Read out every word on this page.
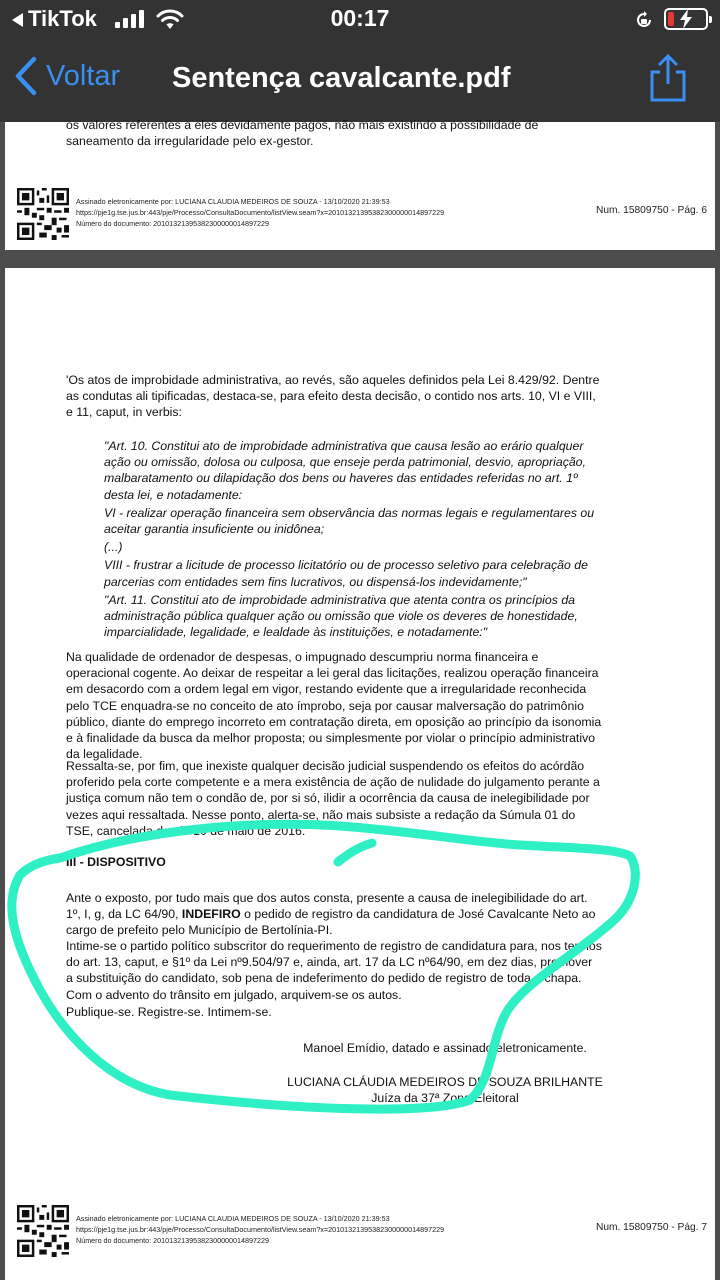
TikTok	00:17
Voltar Sentença cavalcante.pdf
os valores referentes a eles devidamente pagos, não mais existindo a possibilidade de
saneamento da irregularidade pelo ex-gestor.
Assinado eletronicamente por: LUCIANA CLAUDIA MEDEIROS DE SOUZA - 13/10/2020 21:39:53
https://pje1g.tse.jus.br:443/pje/Processo/ConsultaDocumento/listView.seam?x=20101321395382300000014897229
Número do documento: 20101321395382300000014897229
Num. 15809750 - Pág. 6
'Os atos de improbidade administrativa, ao revés, são aqueles definidos pela Lei 8.429/92. Dentre
as condutas ali tipificadas, destaca-se, para efeito desta decisão, o contido nos arts. 10, VI e VIII,
e 11, caput, in verbis:
"Art. 10. Constitui ato de improbidade administrativa que causa lesão ao erário qualquer
ação ou omissão, dolosa ou culposa, que enseje perda patrimonial, desvio, apropriação,
malbaratamento ou dilapidação dos bens ou haveres das entidades referidas no art. 1º
desta lei, e notadamente:
VI - realizar operação financeira sem observância das normas legais e regulamentares ou
aceitar garantia insuficiente ou inidônea;
(...)
VIII - frustrar a licitude de processo licitatório ou de processo seletivo para celebração de
parcerias com entidades sem fins lucrativos, ou dispensá-los indevidamente;"
"Art. 11. Constitui ato de improbidade administrativa que atenta contra os princípios da
administração pública qualquer ação ou omissão que viole os deveres de honestidade,
imparcialidade, legalidade, e lealdade às instituições, e notadamente:"
Na qualidade de ordenador de despesas, o impugnado descumpriu norma financeira e
operacional cogente. Ao deixar de respeitar a lei geral das licitações, realizou operação financeira
em desacordo com a ordem legal em vigor, restando evidente que a irregularidade reconhecida
pelo TCE enquadra-se no conceito de ato ímprobo, seja por causar malversação do patrimônio
público, diante do emprego incorreto em contratação direta, em oposição ao princípio da isonomia
e à finalidade da busca da melhor proposta; ou simplesmente por violar o princípio administrativo
da legalidade.
Ressalta-se, por fim, que inexiste qualquer decisão judicial suspendendo os efeitos do acórdão
proferido pela corte competente e a mera existência de ação de nulidade do julgamento perante a
justiça comum não tem o condão de, por si só, ilidir a ocorrência da causa de inelegibilidade por
vezes aqui ressaltada. Nesse ponto, alerta-se, não mais subsiste a redação da Súmula 01 do
TSE, cancelada desde 10 de maio de 2016.
III - DISPOSITIVO
Ante o exposto, por tudo mais que dos autos consta, presente a causa de inelegibilidade do art.
1º, I, g, da LC 64/90, INDEFIRO o pedido de registro da candidatura de José Cavalcante Neto ao
cargo de prefeito pelo Município de Bertolínia-PI.
Intime-se o partido político subscritor do requerimento de registro de candidatura para, nos termos
do art. 13, caput, e §1º da Lei nº9.504/97 e, ainda, art. 17 da LC nº64/90, em dez dias, promover
a substituição do candidato, sob pena de indeferimento do pedido de registro de toda a chapa.
Com o advento do trânsito em julgado, arquivem-se os autos.
Publique-se. Registre-se. Intimem-se.
Manoel Emídio, datado e assinado eletronicamente.
LUCIANA CLÁUDIA MEDEIROS DE SOUZA BRILHANTE
Juíza da 37ª Zona Eleitoral
Assinado eletronicamente por: LUCIANA CLAUDIA MEDEIROS DE SOUZA - 13/10/2020 21:39:53
https://pje1g.tse.jus.br:443/pje/Processo/ConsultaDocumento/listView.seam?x=20101321395382300000014897229
Número do documento: 20101321395382300000014897229
Num. 15809750 - Pág. 7
